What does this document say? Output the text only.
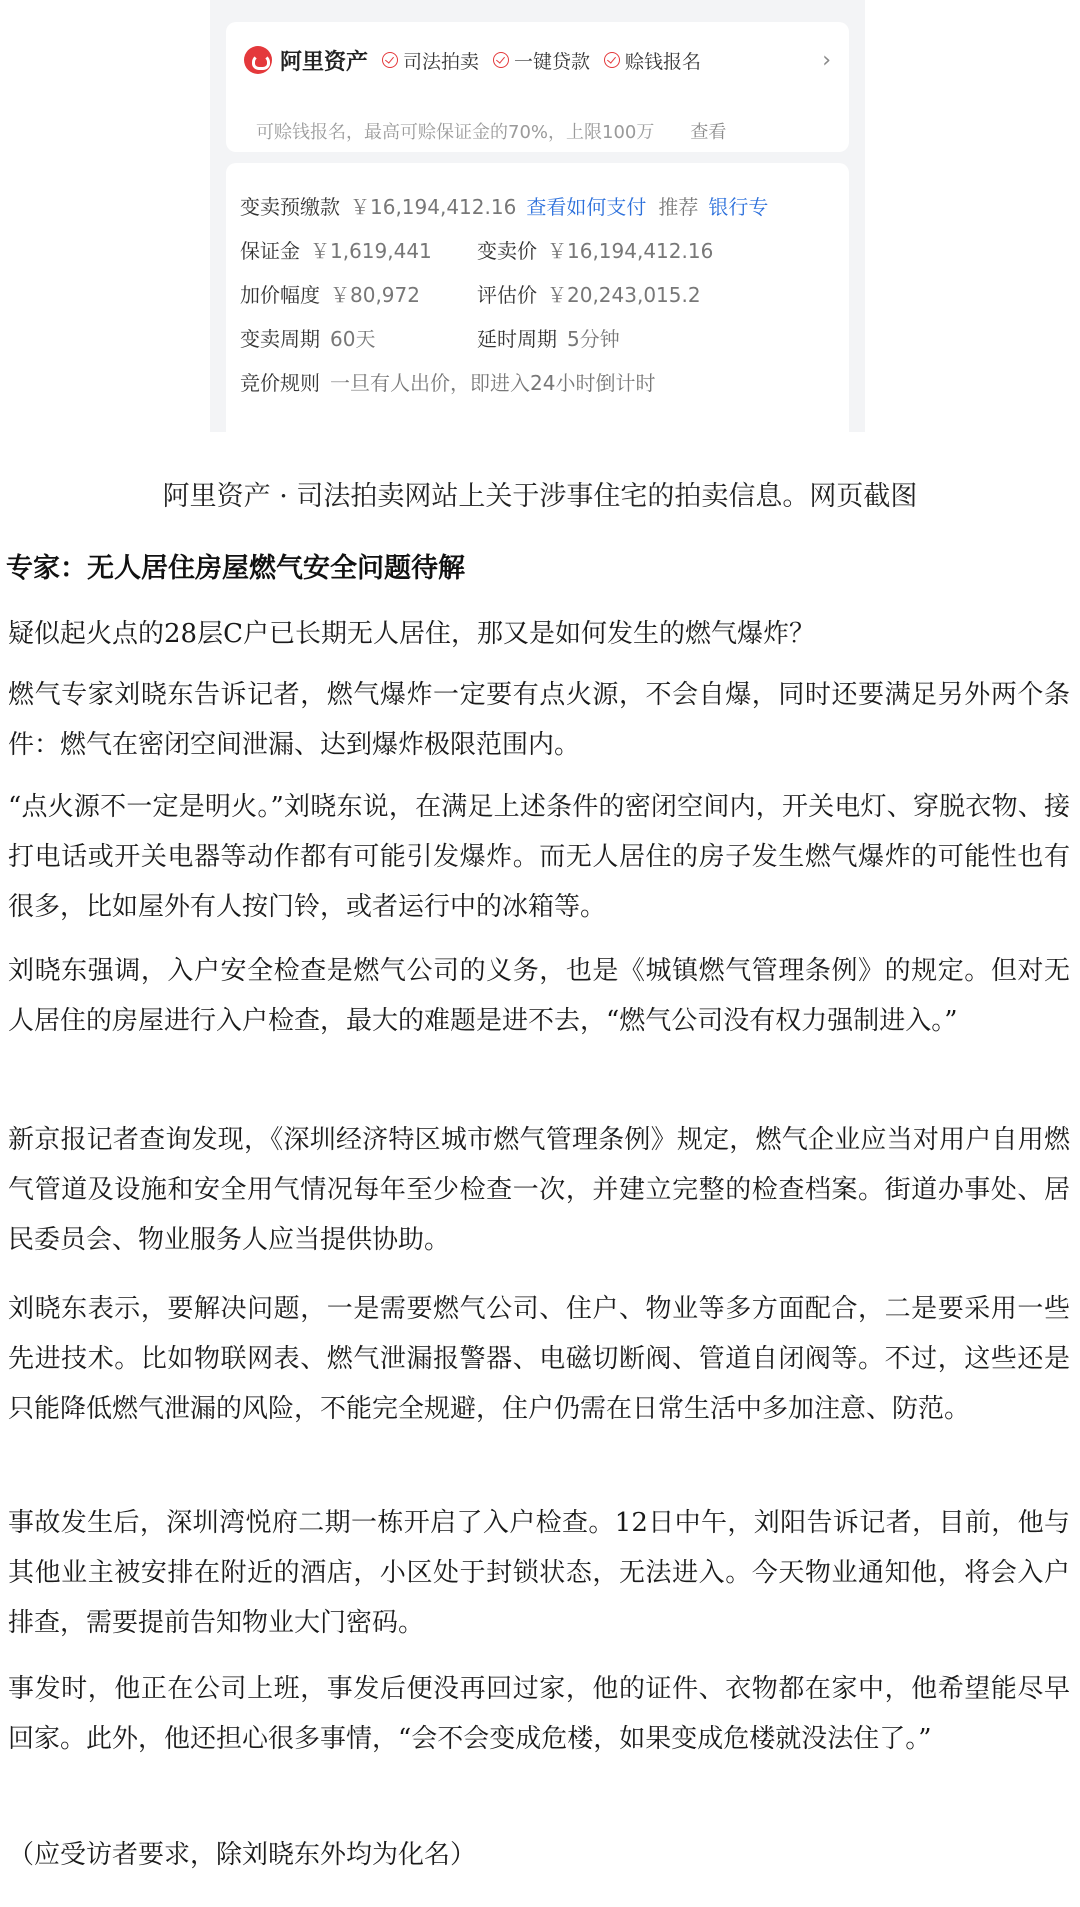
阿里资产 司法拍卖 一键贷款 赊钱报名	›
可赊钱报名，最高可赊保证金的70%，上限100万 查看
变卖预缴款 ￥16,194,412.16 查看如何支付 推荐 银行专
保证金 ￥1,619,441 变卖价 ￥16,194,412.16
加价幅度 ￥80,972	评估价 ￥20,243,015.2
变卖周期 60天	延时周期 5分钟
竞价规则 一旦有人出价，即进入24小时倒计时
阿里资产 · 司法拍卖网站上关于涉事住宅的拍卖信息。网页截图
专家：无人居住房屋燃气安全问题待解
疑似起火点的28层C户已长期无人居住，那又是如何发生的燃气爆炸？
燃气专家刘晓东告诉记者，燃气爆炸一定要有点火源，不会自爆，同时还要满足另外两个条件：燃气在密闭空间泄漏、达到爆炸极限范围内。
“点火源不一定是明火。”刘晓东说，在满足上述条件的密闭空间内，开关电灯、穿脱衣物、接打电话或开关电器等动作都有可能引发爆炸。而无人居住的房子发生燃气爆炸的可能性也有很多，比如屋外有人按门铃，或者运行中的冰箱等。
刘晓东强调，入户安全检查是燃气公司的义务，也是《城镇燃气管理条例》的规定。但对无人居住的房屋进行入户检查，最大的难题是进不去，“燃气公司没有权力强制进入。”
新京报记者查询发现，《深圳经济特区城市燃气管理条例》规定，燃气企业应当对用户自用燃气管道及设施和安全用气情况每年至少检查一次，并建立完整的检查档案。街道办事处、居民委员会、物业服务人应当提供协助。
刘晓东表示，要解决问题，一是需要燃气公司、住户、物业等多方面配合，二是要采用一些先进技术。比如物联网表、燃气泄漏报警器、电磁切断阀、管道自闭阀等。不过，这些还是只能降低燃气泄漏的风险，不能完全规避，住户仍需在日常生活中多加注意、防范。
事故发生后，深圳湾悦府二期一栋开启了入户检查。12日中午，刘阳告诉记者，目前，他与其他业主被安排在附近的酒店，小区处于封锁状态，无法进入。今天物业通知他，将会入户排查，需要提前告知物业大门密码。
事发时，他正在公司上班，事发后便没再回过家，他的证件、衣物都在家中，他希望能尽早回家。此外，他还担心很多事情，“会不会变成危楼，如果变成危楼就没法住了。”
（应受访者要求，除刘晓东外均为化名）
